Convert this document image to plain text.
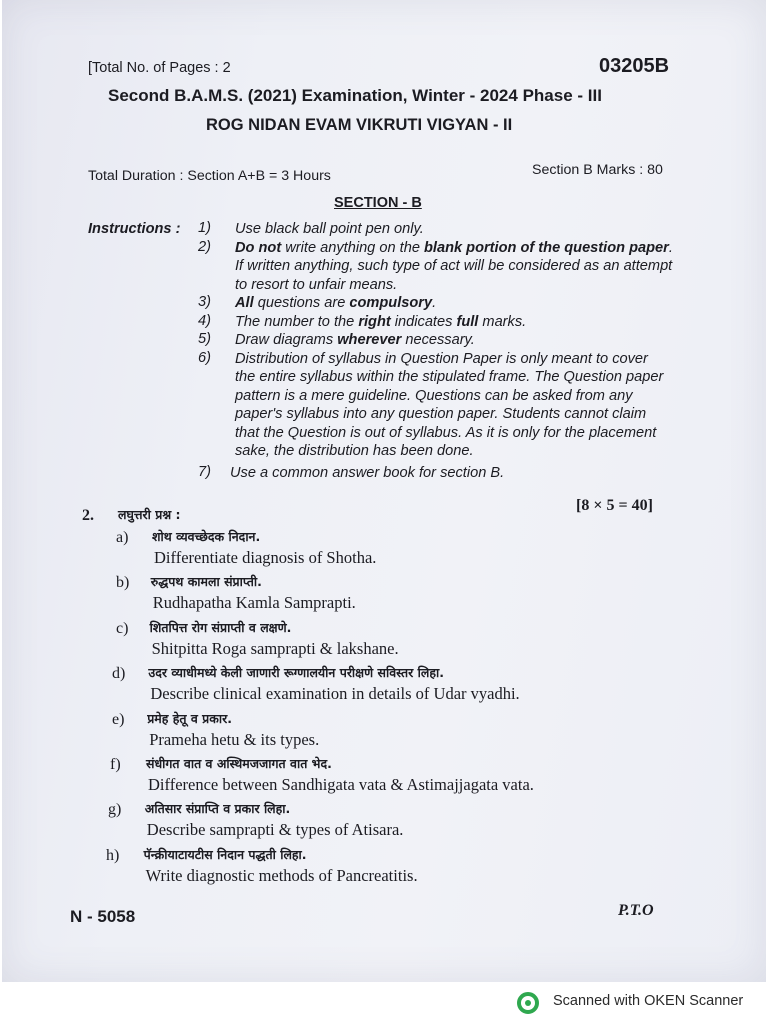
[Total No. of Pages : 2	03205B
Second B.A.M.S. (2021) Examination, Winter - 2024 Phase - III
ROG NIDAN EVAM VIKRUTI VIGYAN - II
Total Duration : Section A+B = 3 Hours	Section B Marks : 80
SECTION - B
Instructions : 1) Use black ball point pen only.
2) Do not write anything on the blank portion of the question paper.
If written anything, such type of act will be considered as an attempt
to resort to unfair means.
3) All questions are compulsory.
4) The number to the right indicates full marks.
5) Draw diagrams wherever necessary.
6) Distribution of syllabus in Question Paper is only meant to cover
the entire syllabus within the stipulated frame. The Question paper
pattern is a mere guideline. Questions can be asked from any
paper's syllabus into any question paper. Students cannot claim
that the Question is out of syllabus. As it is only for the placement
sake, the distribution has been done.
7) Use a common answer book for section B.
2. लघुत्तरी प्रश्न :
[8 × 5 = 40]
a) शोथ व्यवच्छेदक निदान.
Differentiate diagnosis of Shotha.
b) रुद्धपथ कामला संप्राप्ती.
Rudhapatha Kamla Samprapti.
c) शितपित्त रोग संप्राप्ती व लक्षणे.
Shitpitta Roga samprapti & lakshane.
d) उदर व्याधीमध्ये केली जाणारी रूग्णालयीन परीक्षणे सविस्तर लिहा.
Describe clinical examination in details of Udar vyadhi.
e) प्रमेह हेतू व प्रकार.
Prameha hetu & its types.
f) संधीगत वात व अस्थिमजजागत वात भेद.
Difference between Sandhigata vata & Astimajjagata vata.
g) अतिसार संप्राप्ति व प्रकार लिहा.
Describe samprapti & types of Atisara.
h) पॅन्क्रीयाटायटीस निदान पद्धती लिहा.
Write diagnostic methods of Pancreatitis.
N - 5058	P.T.O
Scanned with OKEN Scanner
